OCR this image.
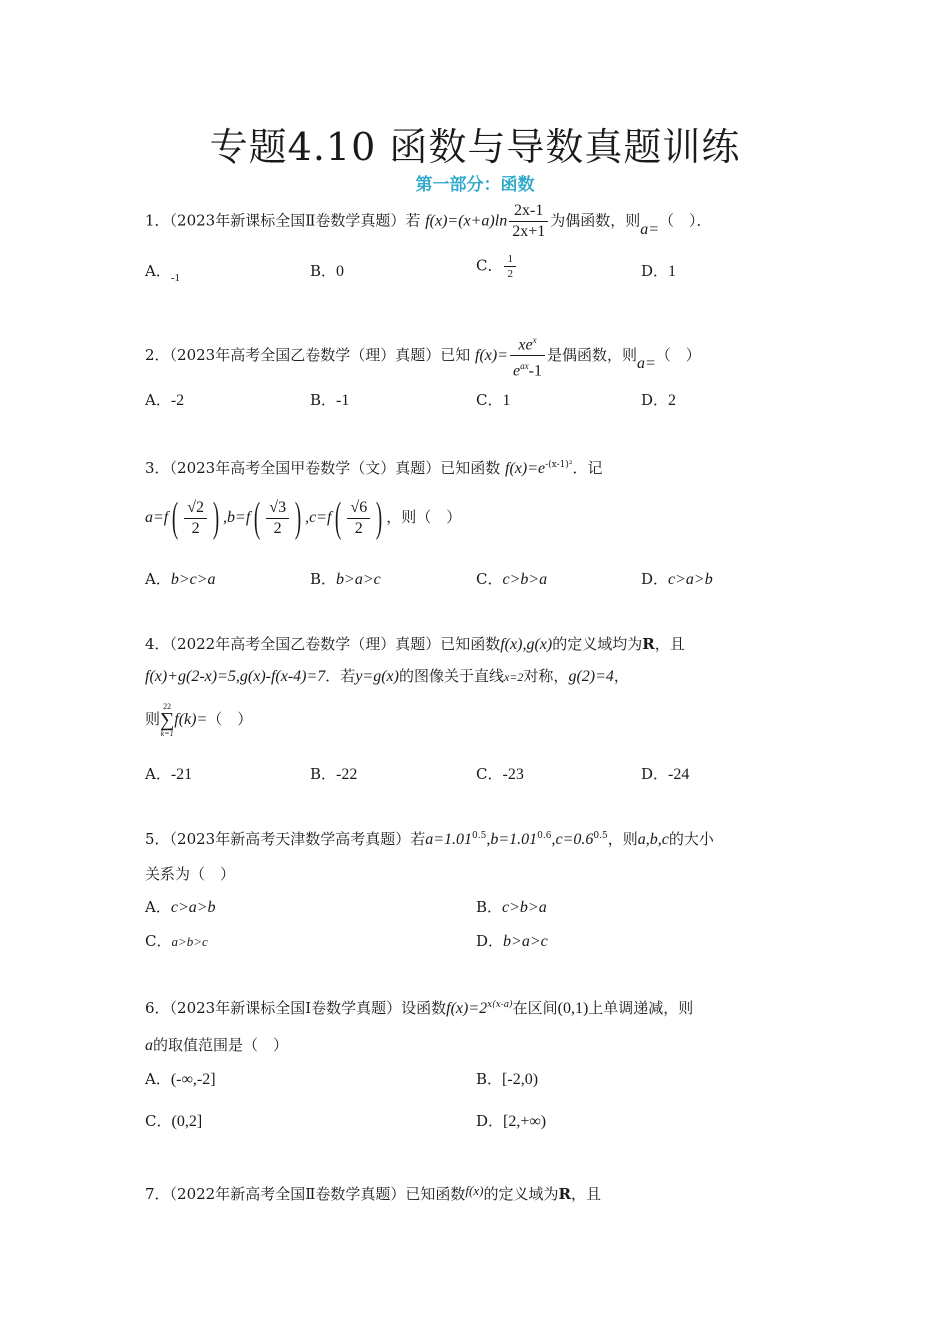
专题4.10 函数与导数真题训练
第一部分：函数
1．（2023年新课标全国Ⅱ卷数学真题）若 $f(x)=(x+a)\ln \frac{2x-1}{2x+1}$ 为偶函数，则a=（　）．
A．$_{-1}$	B．0	C． $\frac{1}{2}$	D．1
2．（2023年高考全国乙卷数学（理）真题）已知 $f(x)= \frac{xe^x}{e^{ax}-1}$ 是偶函数，则a=（　）
A．-2	B．-1	C．1	D．2
3．（2023年高考全国甲卷数学（文）真题）已知函数 $f(x)=e^{-(x-1)^2}$．记
$a=f( \frac{√2}{2}$ ) $,b=f( \frac{√3}{2}$ ) $,c=f( \frac{√6}{2}$ ) ，则（　）
A．b>c>a	B．b>a>c	C．c>b>a	D．c>a>b
4．（2022年高考全国乙卷数学（理）真题）已知函数f(x),g(x)的定义域均为R，且
f(x)+g(2-x)=5,g(x)-f(x-4)=7．若y=g(x)的图像关于直线x=2对称，g(2)=4，
则
22
∑
k=1
f(k)=（　）
A．-21	B．-22	C．-23	D．-24
5．（2023年新高考天津数学高考真题）若$a=1.01^{0.5},b=1.01^{0.6},c=0.6^{0.5}$，则a,b,c的大小
关系为（　）
A．c>a>b	B．c>b>a
C．a>b>c	D．b>a>c
6．（2023年新课标全国Ⅰ卷数学真题）设函数$f(x)=2^{x(x-a)}$在区间(0,1)上单调递减，则
a的取值范围是（　）
A．(-∞,-2]	B．[-2,0)
C．(0,2]	D．[2,+∞)
7．（2022年新高考全国Ⅱ卷数学真题）已知函数f(x)的定义域为R，且
